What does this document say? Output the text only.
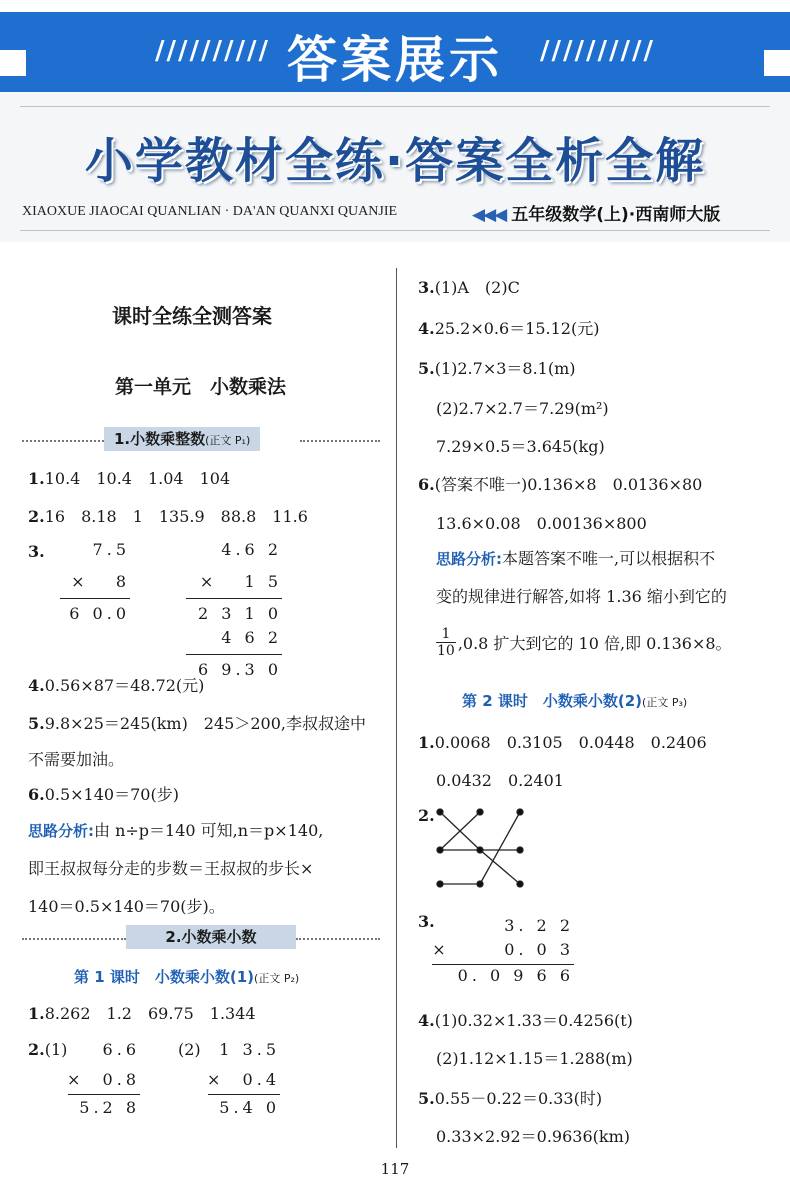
////////// 答案展示	//////////
小学教材全练·答案全析全解
XIAOXUE JIAOCAI QUANLIAN · DA'AN QUANXI QUANJIE	◀◀◀ 五年级数学(上)·西南师大版
课时全练全测答案
第一单元　小数乘法
1.小数乘整数(正文 P₁)
1.10.4　10.4　1.04　104
2.16　8.18　1　135.9　88.8　11.6
3.	7.5
×   8
6 0.0
4.6 2
×   1 5
2 3 1 0
4 6 2
6 9.3 0
4.0.56×87＝48.72(元)
5.9.8×25＝245(km)　245＞200,李叔叔途中
不需要加油。
6.0.5×140＝70(步)
思路分析:由 n÷p＝140 可知,n＝p×140,
即王叔叔每分走的步数＝王叔叔的步长×
140＝0.5×140＝70(步)。
2.小数乘小数
第 1 课时　小数乘小数(1)(正文 P₂)
1.8.262　1.2　69.75　1.344
2.(1)	(2)
6.6
×  0.8
5.2 8
1 3.5
×  0.4
5.4 0
3.(1)A　(2)C
4.25.2×0.6＝15.12(元)
5.(1)2.7×3＝8.1(m)
(2)2.7×2.7＝7.29(m²)
7.29×0.5＝3.645(kg)
6.(答案不唯一)0.136×8　0.0136×80
13.6×0.08　0.00136×800
思路分析:本题答案不唯一,可以根据积不
变的规律进行解答,如将 1.36 缩小到它的
1
10 ,0.8 扩大到它的 10 倍,即 0.136×8。
第 2 课时　小数乘小数(2)(正文 P₃)
1.0.0068　0.3105　0.0448　0.2406
0.0432　0.2401
2.
3.	3. 2 2
×      0. 0 3
0. 0 9 6 6
4.(1)0.32×1.33＝0.4256(t)
(2)1.12×1.15＝1.288(m)
5.0.55－0.22＝0.33(时)
0.33×2.92＝0.9636(km)
117
